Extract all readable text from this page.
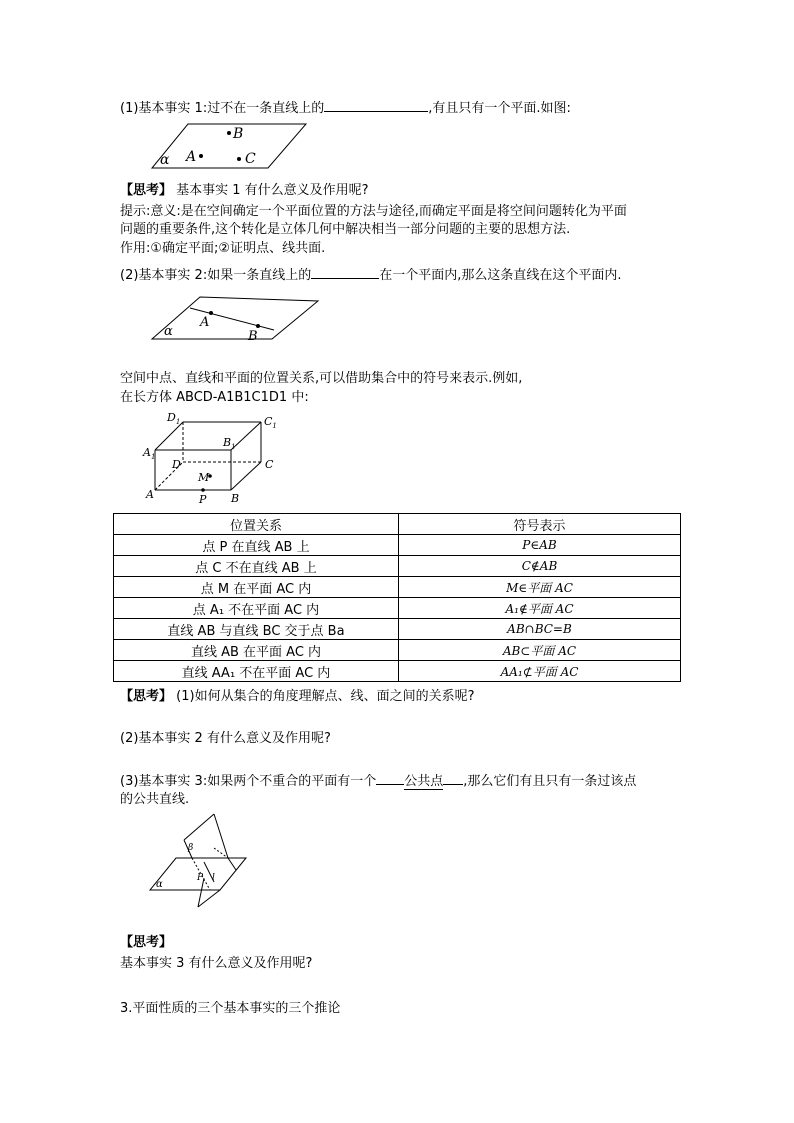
(1)基本事实 1:过不在一条直线上的	,有且只有一个平面.如图:
α
B
A	C
【思考】 基本事实 1 有什么意义及作用呢?
提示:意义:是在空间确定一个平面位置的方法与途径,而确定平面是将空间问题转化为平面
问题的重要条件,这个转化是立体几何中解决相当一部分问题的主要的思想方法.
作用:①确定平面;②证明点、线共面.
(2)基本事实 2:如果一条直线上的	在一个平面内,那么这条直线在这个平面内.
A
B
α
空间中点、直线和平面的位置关系,可以借助集合中的符号来表示.例如,
在长方体 ABCD-A1B1C1D1 中:
$D_1$	$C_1$
$A_1$
$B_1$
D	C
M
A	B
P
位置关系	符号表示
点 P 在直线 AB 上	P∈AB
点 C 不在直线 AB 上	C∉AB
点 M 在平面 AC 内	M∈平面 AC
点 A₁ 不在平面 AC 内	A₁∉平面 AC
直线 AB 与直线 BC 交于点 Ba	AB∩BC=B
直线 AB 在平面 AC 内	AB⊂平面 AC
直线 AA₁ 不在平面 AC 内	AA₁⊄平面 AC
【思考】 (1)如何从集合的角度理解点、线、面之间的关系呢?
(2)基本事实 2 有什么意义及作用呢?
(3)基本事实 3:如果两个不重合的平面有一个 公共点 ,那么它们有且只有一条过该点
的公共直线.
β
α
P l
【思考】
基本事实 3 有什么意义及作用呢?
3.平面性质的三个基本事实的三个推论
